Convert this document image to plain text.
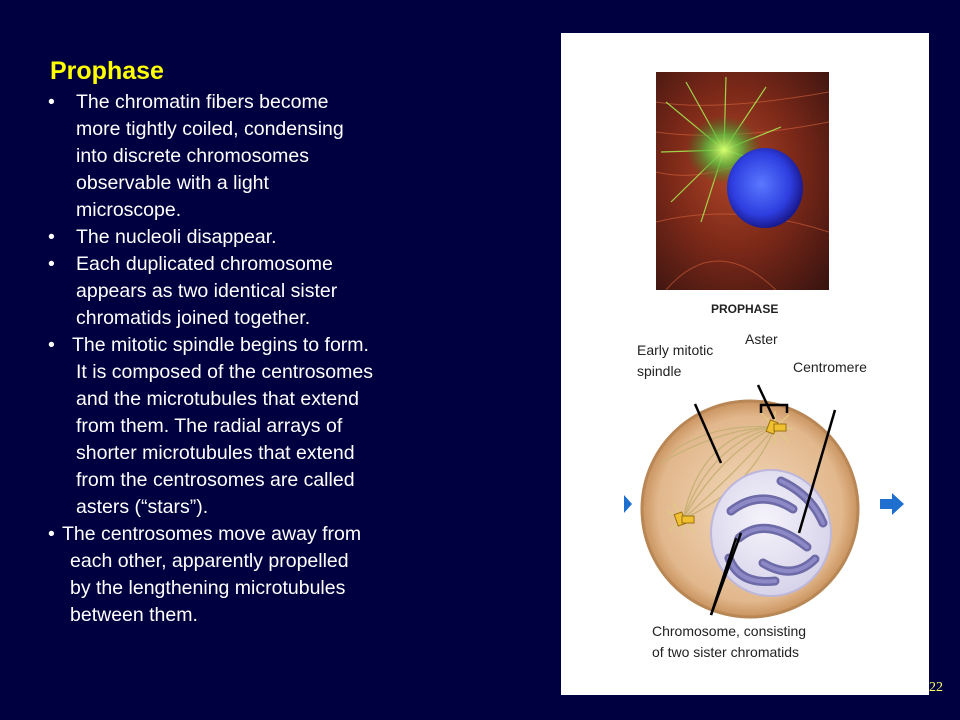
Prophase
• The chromatin fibers become
more tightly coiled, condensing
into discrete chromosomes
observable with a light
microscope.
• The nucleoli disappear.
• Each duplicated chromosome
appears as two identical sister
chromatids joined together.
• The mitotic spindle begins to form.
It is composed of the centrosomes
and the microtubules that extend
from them. The radial arrays of
shorter microtubules that extend
from the centrosomes are called
asters (“stars”).
• The centrosomes move away from
each other, apparently propelled
by the lengthening microtubules
between them.
PROPHASE
Aster
Early mitotic
spindle	Centromere
Chromosome, consisting
of two sister chromatids
22
